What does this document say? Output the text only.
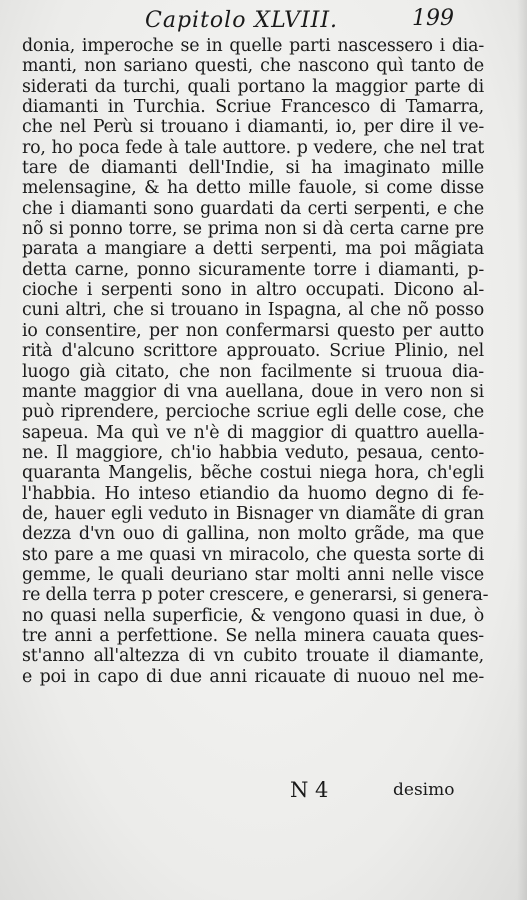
Capitolo XLVIII.	199
donia, imperoche se in quelle parti nascessero i dia-
manti, non sariano questi, che nascono quì tanto de
siderati da turchi, quali portano la maggior parte di
diamanti in Turchia. Scriue Francesco di Tamarra,
che nel Perù si trouano i diamanti, io, per dire il ve-
ro, ho poca fede à tale auttore. p vedere, che nel trat
tare de diamanti dell'Indie, si ha imaginato mille
melensagine, & ha detto mille fauole, si come disse
che i diamanti sono guardati da certi serpenti, e che
nõ si ponno torre, se prima non si dà certa carne pre
parata a mangiare a detti serpenti, ma poi mãgiata
detta carne, ponno sicuramente torre i diamanti, p-
cioche i serpenti sono in altro occupati. Dicono al-
cuni altri, che si trouano in Ispagna, al che nõ posso
io consentire, per non confermarsi questo per autto
rità d'alcuno scrittore approuato. Scriue Plinio, nel
luogo già citato, che non facilmente si truoua dia-
mante maggior di vna auellana, doue in vero non si
può riprendere, percioche scriue egli delle cose, che
sapeua. Ma quì ve n'è di maggior di quattro auella-
ne. Il maggiore, ch'io habbia veduto, pesaua, cento-
quaranta Mangelis, bẽche costui niega hora, ch'egli
l'habbia. Ho inteso etiandio da huomo degno di fe-
de, hauer egli veduto in Bisnager vn diamãte di gran
dezza d'vn ouo di gallina, non molto grãde, ma que
sto pare a me quasi vn miracolo, che questa sorte di
gemme, le quali deuriano star molti anni nelle visce
re della terra p poter crescere, e generarsi, si genera-
no quasi nella superficie, & vengono quasi in due, ò
tre anni a perfettione. Se nella minera cauata ques-
st'anno all'altezza di vn cubito trouate il diamante,
e poi in capo di due anni ricauate di nuouo nel me-
N 4	desimo
